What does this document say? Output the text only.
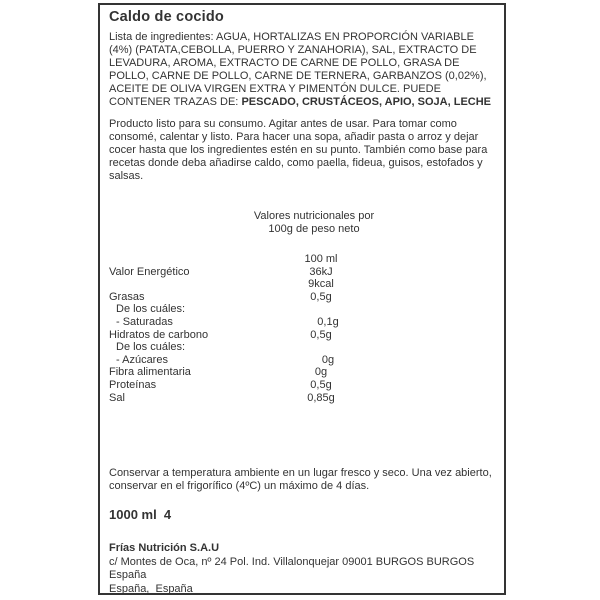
Caldo de cocido

Lista de ingredientes: AGUA, HORTALIZAS EN PROPORCIÓN VARIABLE (4%) (PATATA,CEBOLLA, PUERRO Y ZANAHORIA), SAL, EXTRACTO DE LEVADURA, AROMA, EXTRACTO DE CARNE DE POLLO, GRASA DE POLLO, CARNE DE POLLO, CARNE DE TERNERA, GARBANZOS (0,02%), ACEITE DE OLIVA VIRGEN EXTRA Y PIMENTÓN DULCE. PUEDE CONTENER TRAZAS DE: PESCADO, CRUSTÁCEOS, APIO, SOJA, LECHE

Producto listo para su consumo. Agitar antes de usar. Para tomar como consomé, calentar y listo. Para hacer una sopa, añadir pasta o arroz y dejar cocer hasta que los ingredientes estén en su punto. También como base para recetas donde deba añadirse caldo, como paella, fideua, guisos, estofados y salsas.

Valores nutricionales por
100g de peso neto
100 ml
Valor Energético	36kJ
9kcal
Grasas	0,5g
De los cuáles:
- Saturadas	0,1g
Hidratos de carbono	0,5g
De los cuáles:
- Azúcares	0g
Fibra alimentaria	0g
Proteínas	0,5g
Sal	0,85g

Conservar a temperatura ambiente en un lugar fresco y seco. Una vez abierto, conservar en el frigorífico (4ºC) un máximo de 4 días.

1000 ml  4

Frías Nutrición S.A.U
c/ Montes de Oca, nº 24 Pol. Ind. Villalonquejar 09001 BURGOS BURGOS
España
España,  España
